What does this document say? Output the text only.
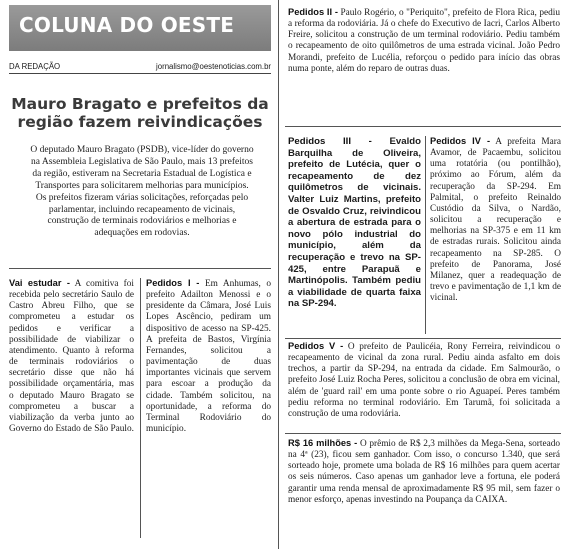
COLUNA DO OESTE
DA REDAÇÃO	jornalismo@oestenoticias.com.br
Mauro Bragato e prefeitos da região fazem reivindicações
O deputado Mauro Bragato (PSDB), vice-líder do governo na Assembleia Legislativa de São Paulo, mais 13 prefeitos da região, estiveram na Secretaria Estadual de Logística e Transportes para solicitarem melhorias para municípios. Os prefeitos fizeram várias solicitações, reforçadas pelo parlamentar, incluindo recapeamento de vicinais, construção de terminais rodoviários e melhorias e adequações em rodovias.
Vai estudar - A comitiva foi recebida pelo secretário Saulo de Castro Abreu Filho, que se comprometeu a estudar os pedidos e verificar a possibilidade de viabilizar o atendimento. Quanto à reforma de terminais rodoviários o secretário disse que não há possibilidade orçamentária, mas o deputado Mauro Bragato se comprometeu a buscar a viabilização da verba junto ao Governo do Estado de São Paulo.
Pedidos I - Em Anhumas, o prefeito Adailton Menossi e o presidente da Câmara, José Luis Lopes Ascêncio, pediram um dispositivo de acesso na SP-425. A prefeita de Bastos, Virgínia Fernandes, solicitou a pavimentação de duas importantes vicinais que servem para escoar a produção da cidade. Também solicitou, na oportunidade, a reforma do Terminal Rodoviário do município.
Pedidos II - Paulo Rogério, o "Periquito", prefeito de Flora Rica, pediu a reforma da rodoviária. Já o chefe do Executivo de Iacri, Carlos Alberto Freire, solicitou a construção de um terminal rodoviário. Pediu também o recapeamento de oito quilômetros de uma estrada vicinal. João Pedro Morandi, prefeito de Lucélia, reforçou o pedido para início das obras numa ponte, além do reparo de outras duas.
Pedidos III - Evaldo Barquilha de Oliveira, prefeito de Lutécia, quer o recapeamento de dez quilômetros de vicinais. Valter Luiz Martins, prefeito de Osvaldo Cruz, reivindicou a abertura de estrada para o novo pólo industrial do município, além da recuperação e trevo na SP-425, entre Parapuã e Martinópolis. Também pediu a viabilidade de quarta faixa na SP-294.
Pedidos IV - A prefeita Mara Avamor, de Pacaembu, solicitou uma rotatória (ou pontilhão), próximo ao Fórum, além da recuperação da SP-294. Em Palmital, o prefeito Reinaldo Custódio da Silva, o Nardão, solicitou a recuperação e melhorias na SP-375 e em 11 km de estradas rurais. Solicitou ainda recapeamento na SP-285. O prefeito de Panorama, José Milanez, quer a readequação de trevo e pavimentação de 1,1 km de vicinal.
Pedidos V - O prefeito de Paulicéia, Rony Ferreira, reivindicou o recapeamento de vicinal da zona rural. Pediu ainda asfalto em dois trechos, a partir da SP-294, na entrada da cidade. Em Salmourão, o prefeito José Luiz Rocha Peres, solicitou a conclusão de obra em vicinal, além de 'guard rail' em uma ponte sobre o rio Aguapeí. Peres também pediu reforma no terminal rodoviário. Em Tarumã, foi solicitada a construção de uma rodoviária.
R$ 16 milhões - O prêmio de R$ 2,3 milhões da Mega-Sena, sorteado na 4ª (23), ficou sem ganhador. Com isso, o concurso 1.340, que será sorteado hoje, promete uma bolada de R$ 16 milhões para quem acertar os seis números. Caso apenas um ganhador leve a fortuna, ele poderá garantir uma renda mensal de aproximadamente R$ 95 mil, sem fazer o menor esforço, apenas investindo na Poupança da CAIXA.
